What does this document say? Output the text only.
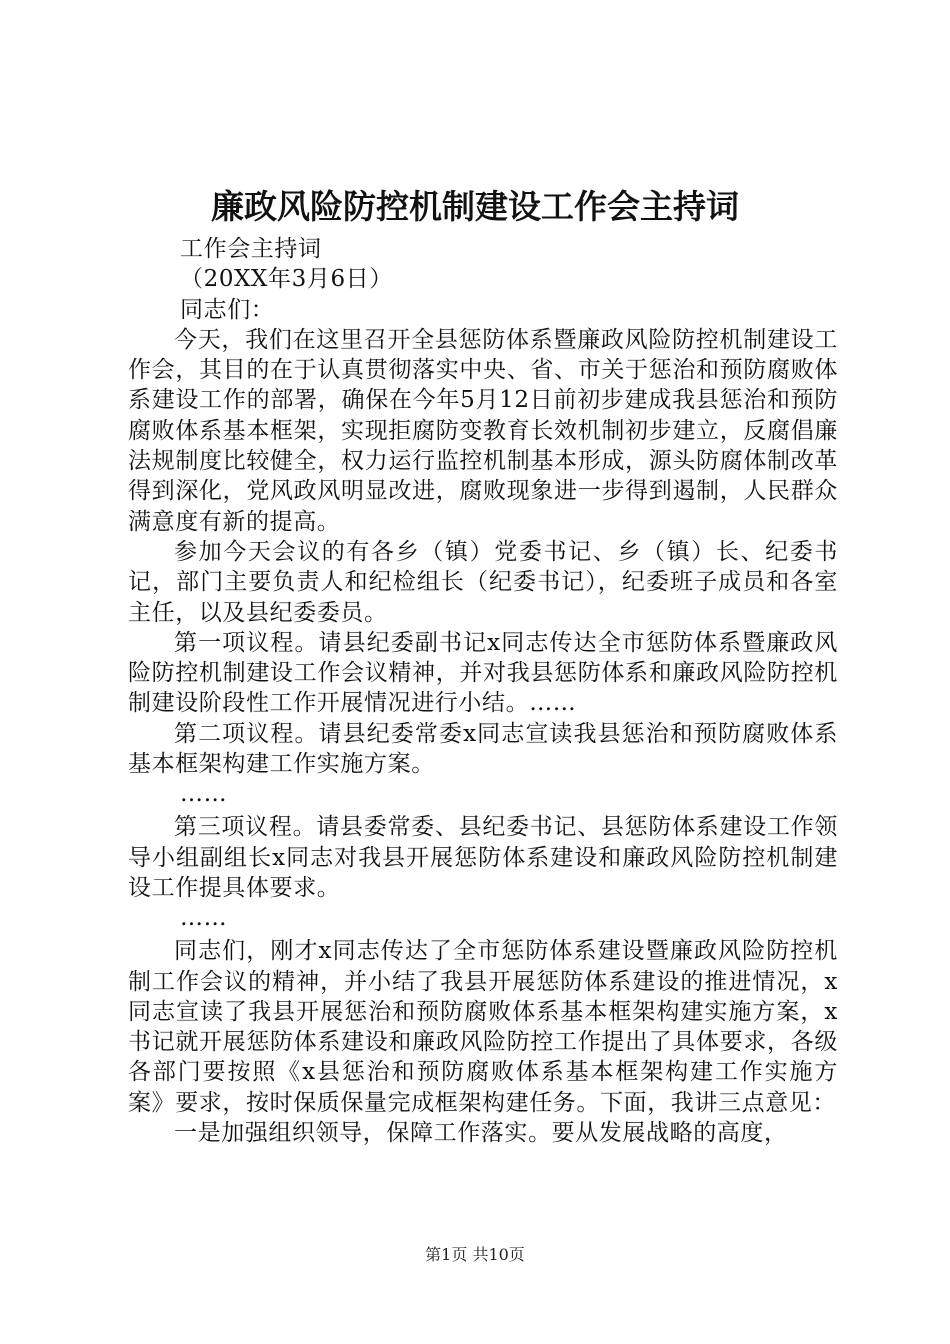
廉政风险防控机制建设工作会主持词

工作会主持词

（20XX年3月6日）

同志们：

今天，我们在这里召开全县惩防体系暨廉政风险防控机制建设工作会，其目的在于认真贯彻落实中央、省、市关于惩治和预防腐败体系建设工作的部署，确保在今年5月12日前初步建成我县惩治和预防腐败体系基本框架，实现拒腐防变教育长效机制初步建立，反腐倡廉法规制度比较健全，权力运行监控机制基本形成，源头防腐体制改革得到深化，党风政风明显改进，腐败现象进一步得到遏制，人民群众满意度有新的提高。

参加今天会议的有各乡（镇）党委书记、乡（镇）长、纪委书记，部门主要负责人和纪检组长（纪委书记），纪委班子成员和各室主任，以及县纪委委员。

第一项议程。请县纪委副书记x同志传达全市惩防体系暨廉政风险防控机制建设工作会议精神，并对我县惩防体系和廉政风险防控机制建设阶段性工作开展情况进行小结。……

第二项议程。请县纪委常委x同志宣读我县惩治和预防腐败体系基本框架构建工作实施方案。

……

第三项议程。请县委常委、县纪委书记、县惩防体系建设工作领导小组副组长x同志对我县开展惩防体系建设和廉政风险防控机制建设工作提具体要求。

……

同志们，刚才x同志传达了全市惩防体系建设暨廉政风险防控机制工作会议的精神，并小结了我县开展惩防体系建设的推进情况，x同志宣读了我县开展惩治和预防腐败体系基本框架构建实施方案，x书记就开展惩防体系建设和廉政风险防控工作提出了具体要求，各级各部门要按照《x县惩治和预防腐败体系基本框架构建工作实施方案》要求，按时保质保量完成框架构建任务。下面，我讲三点意见：

一是加强组织领导，保障工作落实。要从发展战略的高度，

第1页 共10页
